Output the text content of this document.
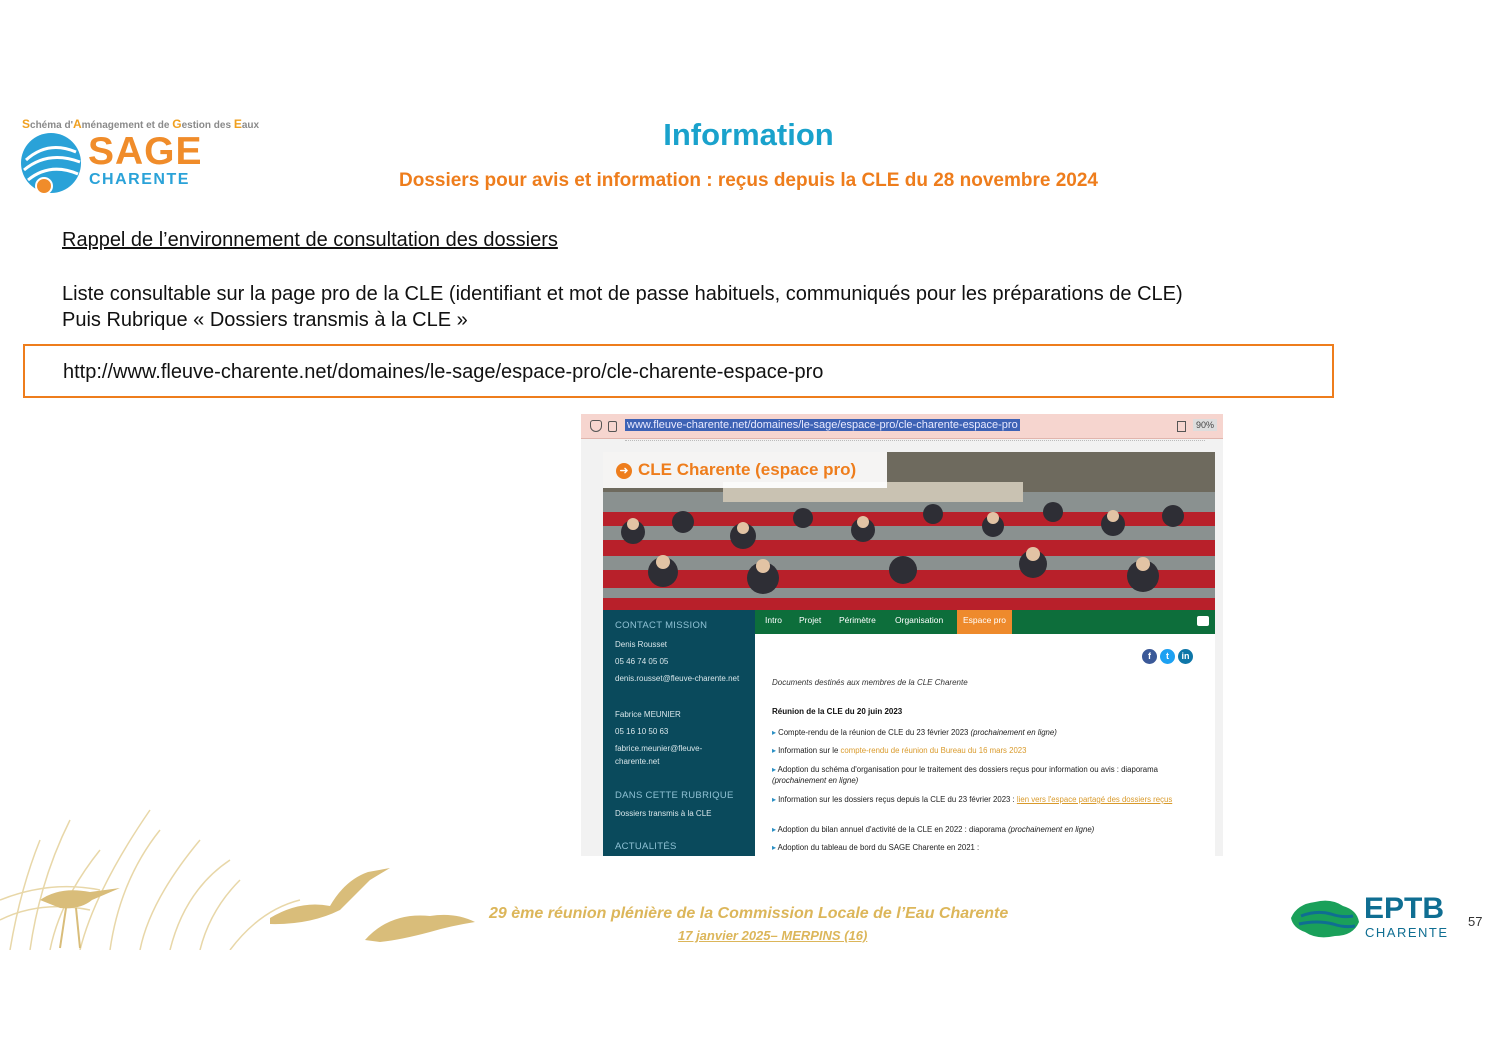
Schéma d'Aménagement et de Gestion des Eaux
SAGE
CHARENTE
Information
Dossiers pour avis et information : reçus depuis la CLE du 28 novembre 2024
Rappel de l’environnement de consultation des dossiers
Liste consultable sur la page pro de la CLE (identifiant et mot de passe habituels, communiqués pour les préparations de CLE)
Puis Rubrique « Dossiers transmis à la CLE »
http://www.fleuve-charente.net/domaines/le-sage/espace-pro/cle-charente-espace-pro
www.fleuve-charente.net/domaines/le-sage/espace-pro/cle-charente-espace-pro	90%
➜ CLE Charente (espace pro)
CONTACT MISSION
Denis Rousset
05 46 74 05 05
denis.rousset@fleuve-charente.net
Fabrice MEUNIER
05 16 10 50 63
fabrice.meunier@fleuve-charente.net
DANS CETTE RUBRIQUE
Dossiers transmis à la CLE
ACTUALITÉS
Intro Projet Périmètre Organisation	Espace pro
f	t	in
Documents destinés aux membres de la CLE Charente
Réunion de la CLE du 20 juin 2023
▸ Compte-rendu de la réunion de CLE du 23 février 2023 (prochainement en ligne)
▸ Information sur le compte-rendu de réunion du Bureau du 16 mars 2023
▸ Adoption du schéma d'organisation pour le traitement des dossiers reçus pour information ou avis : diaporama (prochainement en ligne)
▸ Information sur les dossiers reçus depuis la CLE du 23 février 2023 : lien vers l'espace partagé des dossiers reçus
▸ Adoption du bilan annuel d'activité de la CLE en 2022 : diaporama (prochainement en ligne)
▸ Adoption du tableau de bord du SAGE Charente en 2021 :
29 ème réunion plénière de la Commission Locale de l’Eau Charente
17 janvier 2025– MERPINS (16)
EPTB
CHARENTE
57
